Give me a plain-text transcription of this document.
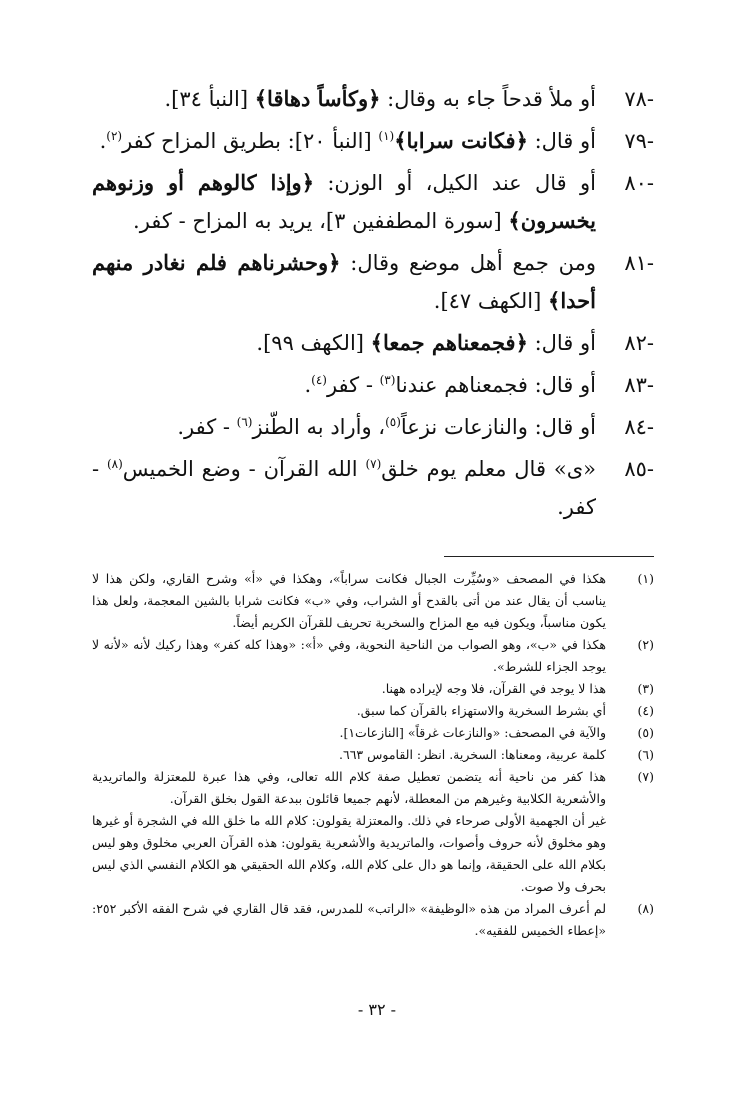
-٧٨
أو ملأ قدحاً جاء به وقال: ﴿وكأساً دهاقا﴾ [النبأ ٣٤].
-٧٩
أو قال: ﴿فكانت سرابا﴾$^{(١)}$ [النبأ ٢٠]: بطريق المزاح كفر$^{(٢)}$.
-٨٠
أو قال عند الكيل، أو الوزن: ﴿وإذا كالوهم أو وزنوهم يخسرون﴾ [سورة المطففين ٣]، يريد به المزاح - كفر.
-٨١
ومن جمع أهل موضع وقال: ﴿وحشرناهم فلم نغادر منهم أحدا﴾ [الكهف ٤٧].
-٨٢
أو قال: ﴿فجمعناهم جمعا﴾ [الكهف ٩٩].
-٨٣
أو قال: فجمعناهم عندنا$^{(٣)}$ - كفر$^{(٤)}$.
-٨٤
أو قال: والنازعات نزعاً$^{(٥)}$، وأراد به الطّنز$^{(٦)}$ - كفر.
-٨٥
«ى» قال معلم يوم خلق$^{(٧)}$ الله القرآن - وضع الخميس$^{(٨)}$ - كفر.
(١)
هكذا في المصحف «وسُيِّرت الجبال فكانت سراباً»، وهكذا في «أ» وشرح القاري، ولكن هذا لا يناسب أن يقال عند من أتى بالقدح أو الشراب، وفي «ب» فكانت شرابا بالشين المعجمة، ولعل هذا يكون مناسباً، ويكون فيه مع المزاح والسخرية تحريف للقرآن الكريم أيضاً.
(٢)
هكذا في «ب»، وهو الصواب من الناحية النحوية، وفي «أ»: «وهذا كله كفر» وهذا ركيك لأنه «لأنه لا يوجد الجزاء للشرط».
(٣)
هذا لا يوجد في القرآن، فلا وجه لإيراده ههنا.
(٤)
أي بشرط السخرية والاستهزاء بالقرآن كما سبق.
(٥)
والآية في المصحف: «والنازعات غرقاً» [النازعات١].
(٦)
كلمة عربية، ومعناها: السخرية. انظر: القاموس ٦٦٣.
(٧)
هذا كفر من ناحية أنه يتضمن تعطيل صفة كلام الله تعالى، وفي هذا عبرة للمعتزلة والماتريدية والأشعرية الكلابية وغيرهم من المعطلة، لأنهم جميعا قائلون ببدعة القول بخلق القرآن.
غير أن الجهمية الأولى صرحاء في ذلك. والمعتزلة يقولون: كلام الله ما خلق الله في الشجرة أو غيرها وهو مخلوق لأنه حروف وأصوات، والماتريدية والأشعرية يقولون: هذه القرآن العربي مخلوق وهو ليس بكلام الله على الحقيقة، وإنما هو دال على كلام الله، وكلام الله الحقيقي هو الكلام النفسي الذي ليس بحرف ولا صوت.
(٨)
لم أعرف المراد من هذه «الوظيفة» «الراتب» للمدرس، فقد قال القاري في شرح الفقه الأكبر ٢٥٢: «إعطاء الخميس للفقيه».
- ٣٢ -
